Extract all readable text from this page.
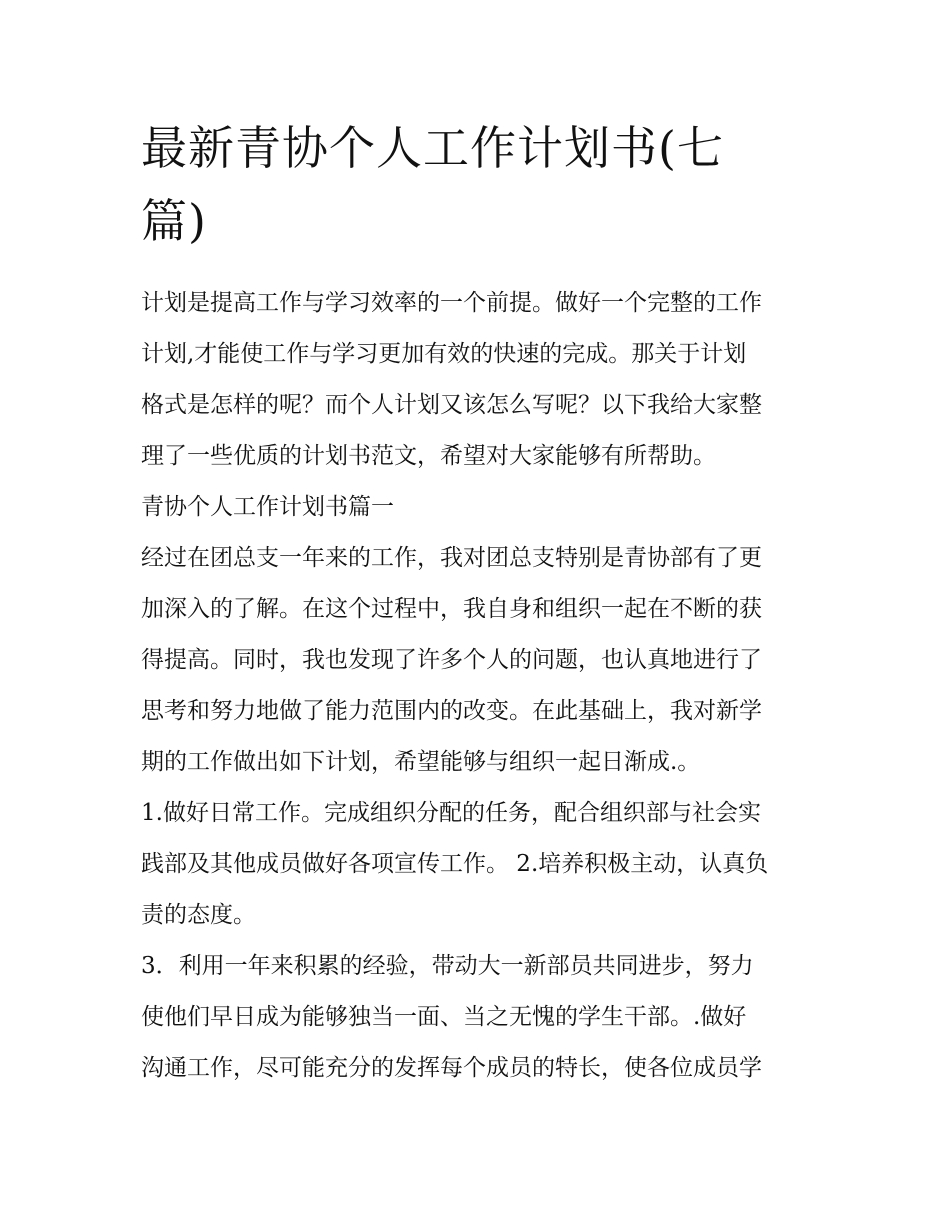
最新青协个人工作计划书(七
篇)
计划是提高工作与学习效率的一个前提。做好一个完整的工作
计划,才能使工作与学习更加有效的快速的完成。那关于计划
格式是怎样的呢？而个人计划又该怎么写呢？以下我给大家整
理了一些优质的计划书范文，希望对大家能够有所帮助。
青协个人工作计划书篇一
经过在团总支一年来的工作，我对团总支特别是青协部有了更
加深入的了解。在这个过程中，我自身和组织一起在不断的获
得提高。同时，我也发现了许多个人的问题，也认真地进行了
思考和努力地做了能力范围内的改变。在此基础上，我对新学
期的工作做出如下计划，希望能够与组织一起日渐成.。
1.做好日常工作。完成组织分配的任务，配合组织部与社会实
践部及其他成员做好各项宣传工作。 2.培养积极主动，认真负
责的态度。
3．利用一年来积累的经验，带动大一新部员共同进步，努力
使他们早日成为能够独当一面、当之无愧的学生干部。.做好
沟通工作，尽可能充分的发挥每个成员的特长，使各位成员学
